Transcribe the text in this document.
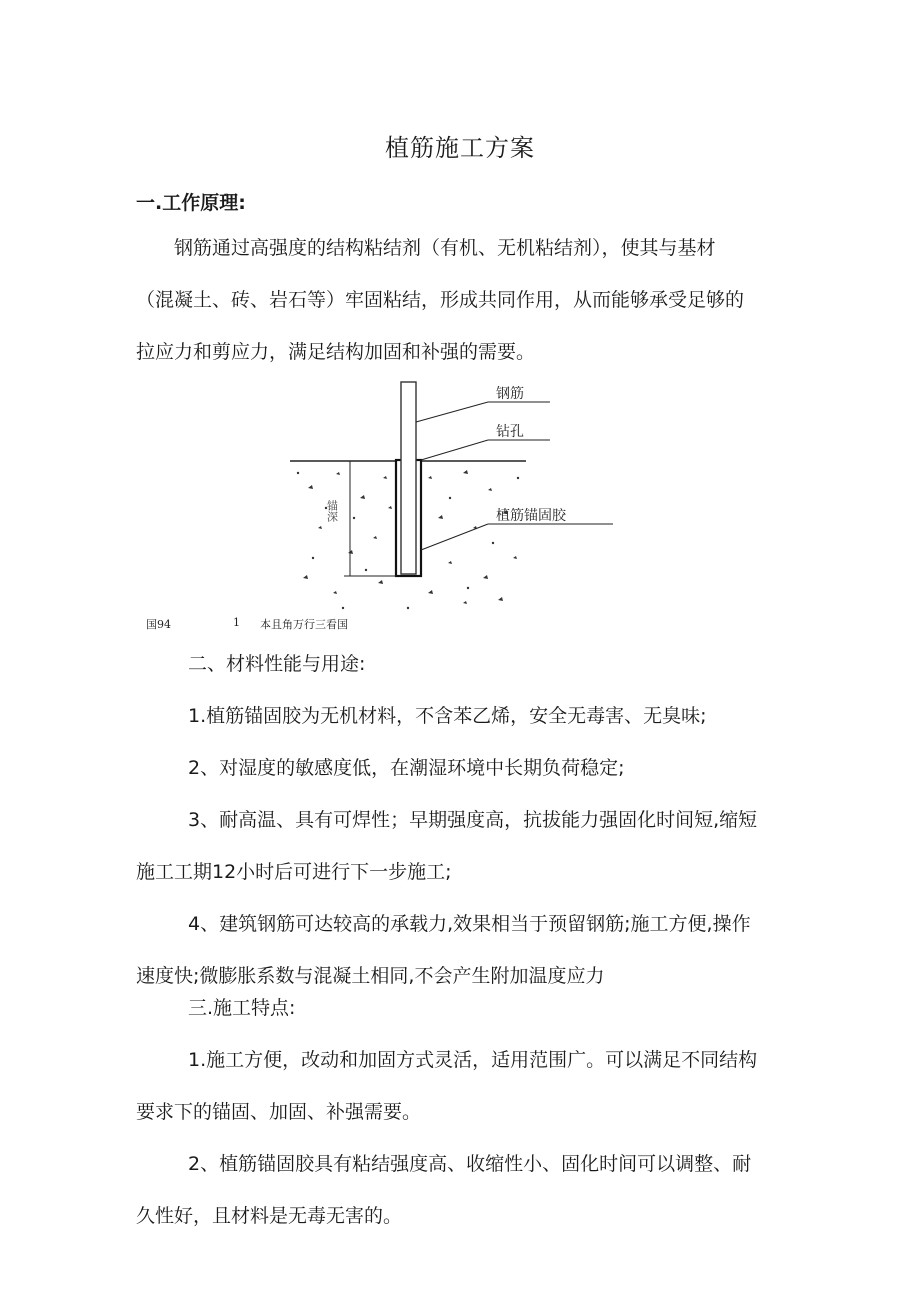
植筋施工方案
一.工作原理:

钢筋通过高强度的结构粘结剂（有机、无机粘结剂），使其与基材
（混凝土、砖、岩石等）牢固粘结，形成共同作用，从而能够承受足够的
拉应力和剪应力，满足结构加固和补强的需要。

钢筋
钻孔
植筋锚固胶
锚深
国94	1 本且角万行三看国

二、材料性能与用途:
1.植筋锚固胶为无机材料，不含苯乙烯，安全无毒害、无臭味;
2、对湿度的敏感度低，在潮湿环境中长期负荷稳定;
3、耐高温、具有可焊性；早期强度高，抗拔能力强固化时间短,缩短
施工工期12小时后可进行下一步施工;
4、建筑钢筋可达较高的承载力,效果相当于预留钢筋;施工方便,操作
速度快;微膨胀系数与混凝土相同,不会产生附加温度应力

三.施工特点:
1.施工方便，改动和加固方式灵活，适用范围广。可以满足不同结构
要求下的锚固、加固、补强需要。
2、植筋锚固胶具有粘结强度高、收缩性小、固化时间可以调整、耐
久性好，且材料是无毒无害的。
